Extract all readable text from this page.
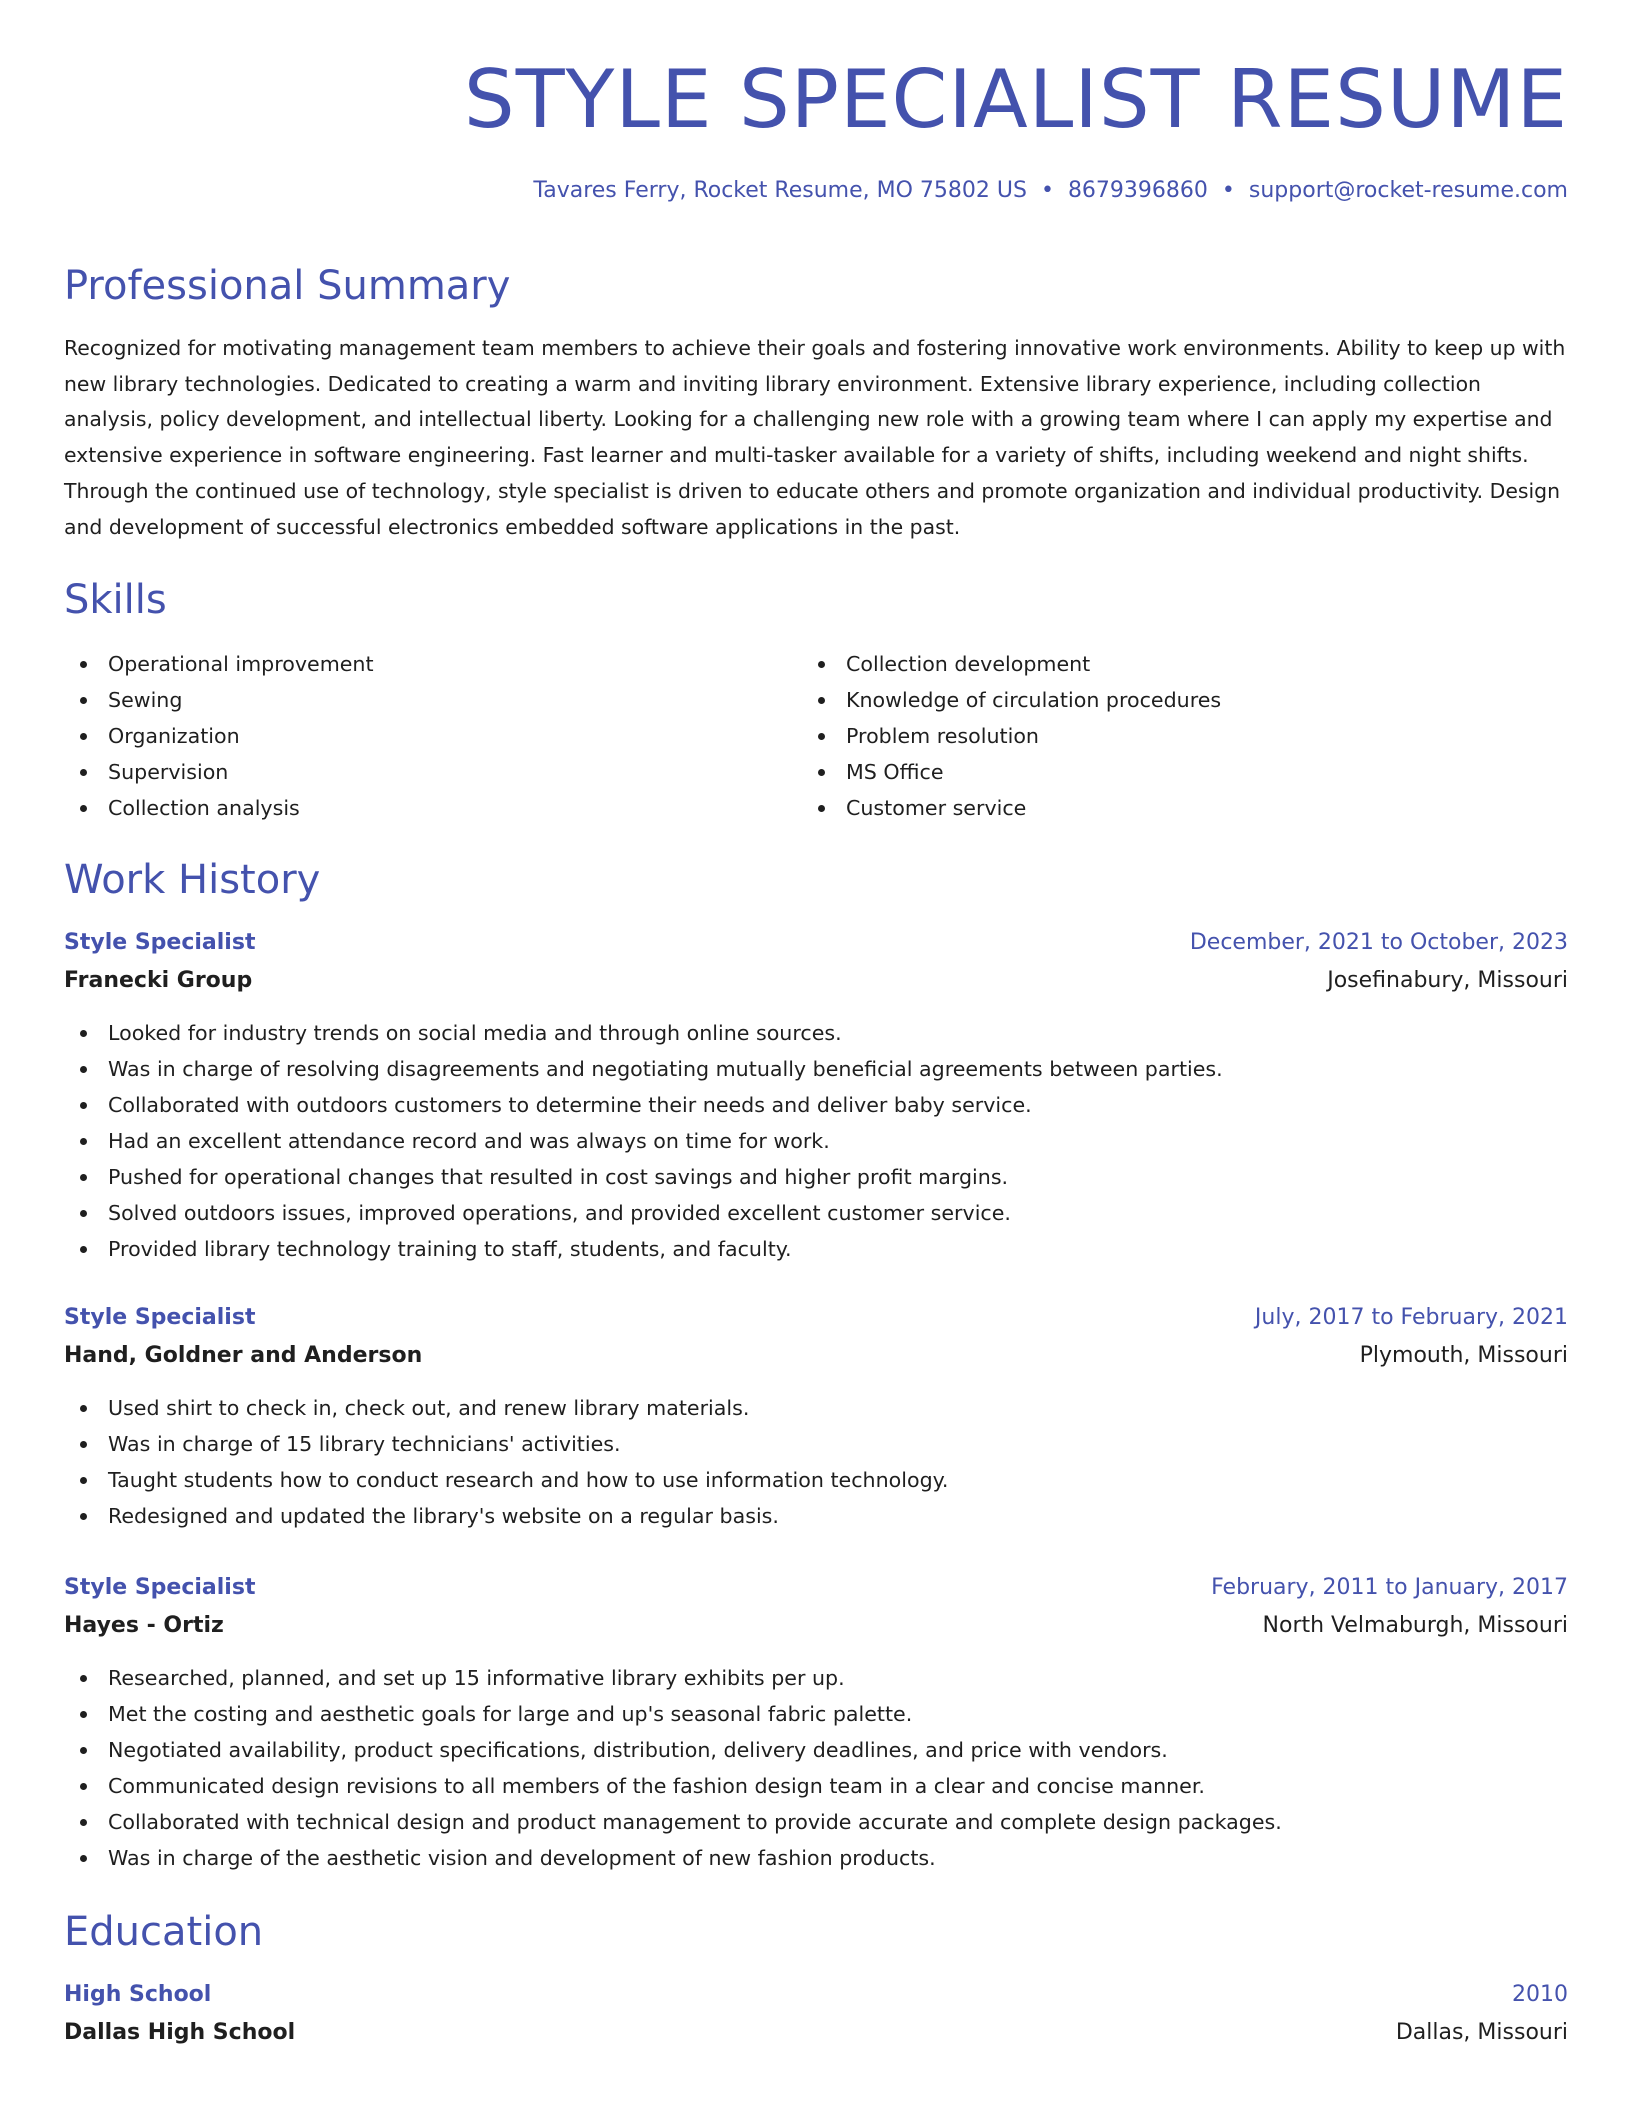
STYLE SPECIALIST RESUME
Tavares Ferry, Rocket Resume, MO 75802 US • 8679396860 • support@rocket-resume.com
Professional Summary

Recognized for motivating management team members to achieve their goals and fostering innovative work environments. Ability to keep up with new library technologies. Dedicated to creating a warm and inviting library environment. Extensive library experience, including collection analysis, policy development, and intellectual liberty. Looking for a challenging new role with a growing team where I can apply my expertise and extensive experience in software engineering. Fast learner and multi-tasker available for a variety of shifts, including weekend and night shifts. Through the continued use of technology, style specialist is driven to educate others and promote organization and individual productivity. Design and development of successful electronics embedded software applications in the past.

Skills
Operational improvement
Sewing
Organization
Supervision
Collection analysis
Collection development
Knowledge of circulation procedures
Problem resolution
MS Office
Customer service
Work History
Style Specialist	December, 2021 to October, 2023
Franecki Group	Josefinabury, Missouri
Looked for industry trends on social media and through online sources.
Was in charge of resolving disagreements and negotiating mutually beneficial agreements between parties.
Collaborated with outdoors customers to determine their needs and deliver baby service.
Had an excellent attendance record and was always on time for work.
Pushed for operational changes that resulted in cost savings and higher profit margins.
Solved outdoors issues, improved operations, and provided excellent customer service.
Provided library technology training to staff, students, and faculty.
Style Specialist	July, 2017 to February, 2021
Hand, Goldner and Anderson	Plymouth, Missouri
Used shirt to check in, check out, and renew library materials.
Was in charge of 15 library technicians' activities.
Taught students how to conduct research and how to use information technology.
Redesigned and updated the library's website on a regular basis.
Style Specialist	February, 2011 to January, 2017
Hayes - Ortiz	North Velmaburgh, Missouri
Researched, planned, and set up 15 informative library exhibits per up.
Met the costing and aesthetic goals for large and up's seasonal fabric palette.
Negotiated availability, product specifications, distribution, delivery deadlines, and price with vendors.
Communicated design revisions to all members of the fashion design team in a clear and concise manner.
Collaborated with technical design and product management to provide accurate and complete design packages.
Was in charge of the aesthetic vision and development of new fashion products.
Education
High School	2010
Dallas High School	Dallas, Missouri
